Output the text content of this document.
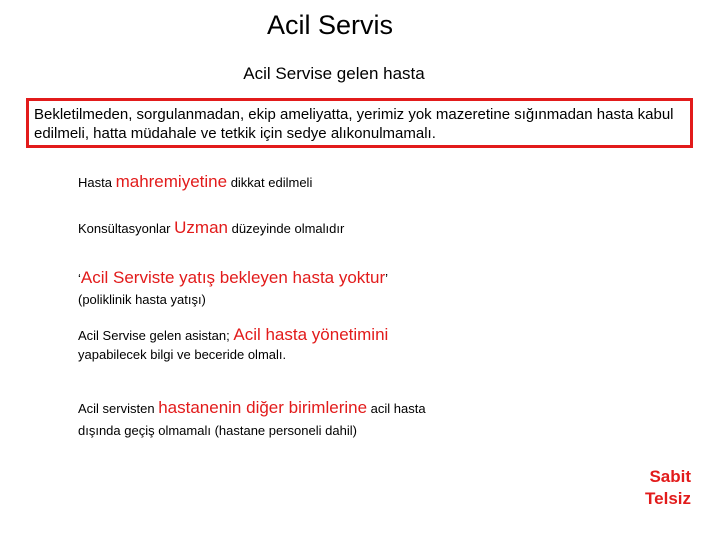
Acil Servis
Acil Servise gelen hasta
Bekletilmeden, sorgulanmadan, ekip ameliyatta, yerimiz yok mazeretine sığınmadan hasta kabul edilmeli, hatta müdahale ve tetkik için sedye alıkonulmamalı.
Hasta mahremiyetine dikkat edilmeli
Konsültasyonlar Uzman düzeyinde olmalıdır
‘Acil Serviste yatış bekleyen hasta yoktur’
(poliklinik hasta yatışı)
Acil Servise gelen asistan; Acil hasta yönetimini
yapabilecek bilgi ve beceride olmalı.
Acil servisten hastanenin diğer birimlerine acil hasta
dışında geçiş olmamalı (hastane personeli dahil)
Sabit
Telsiz
